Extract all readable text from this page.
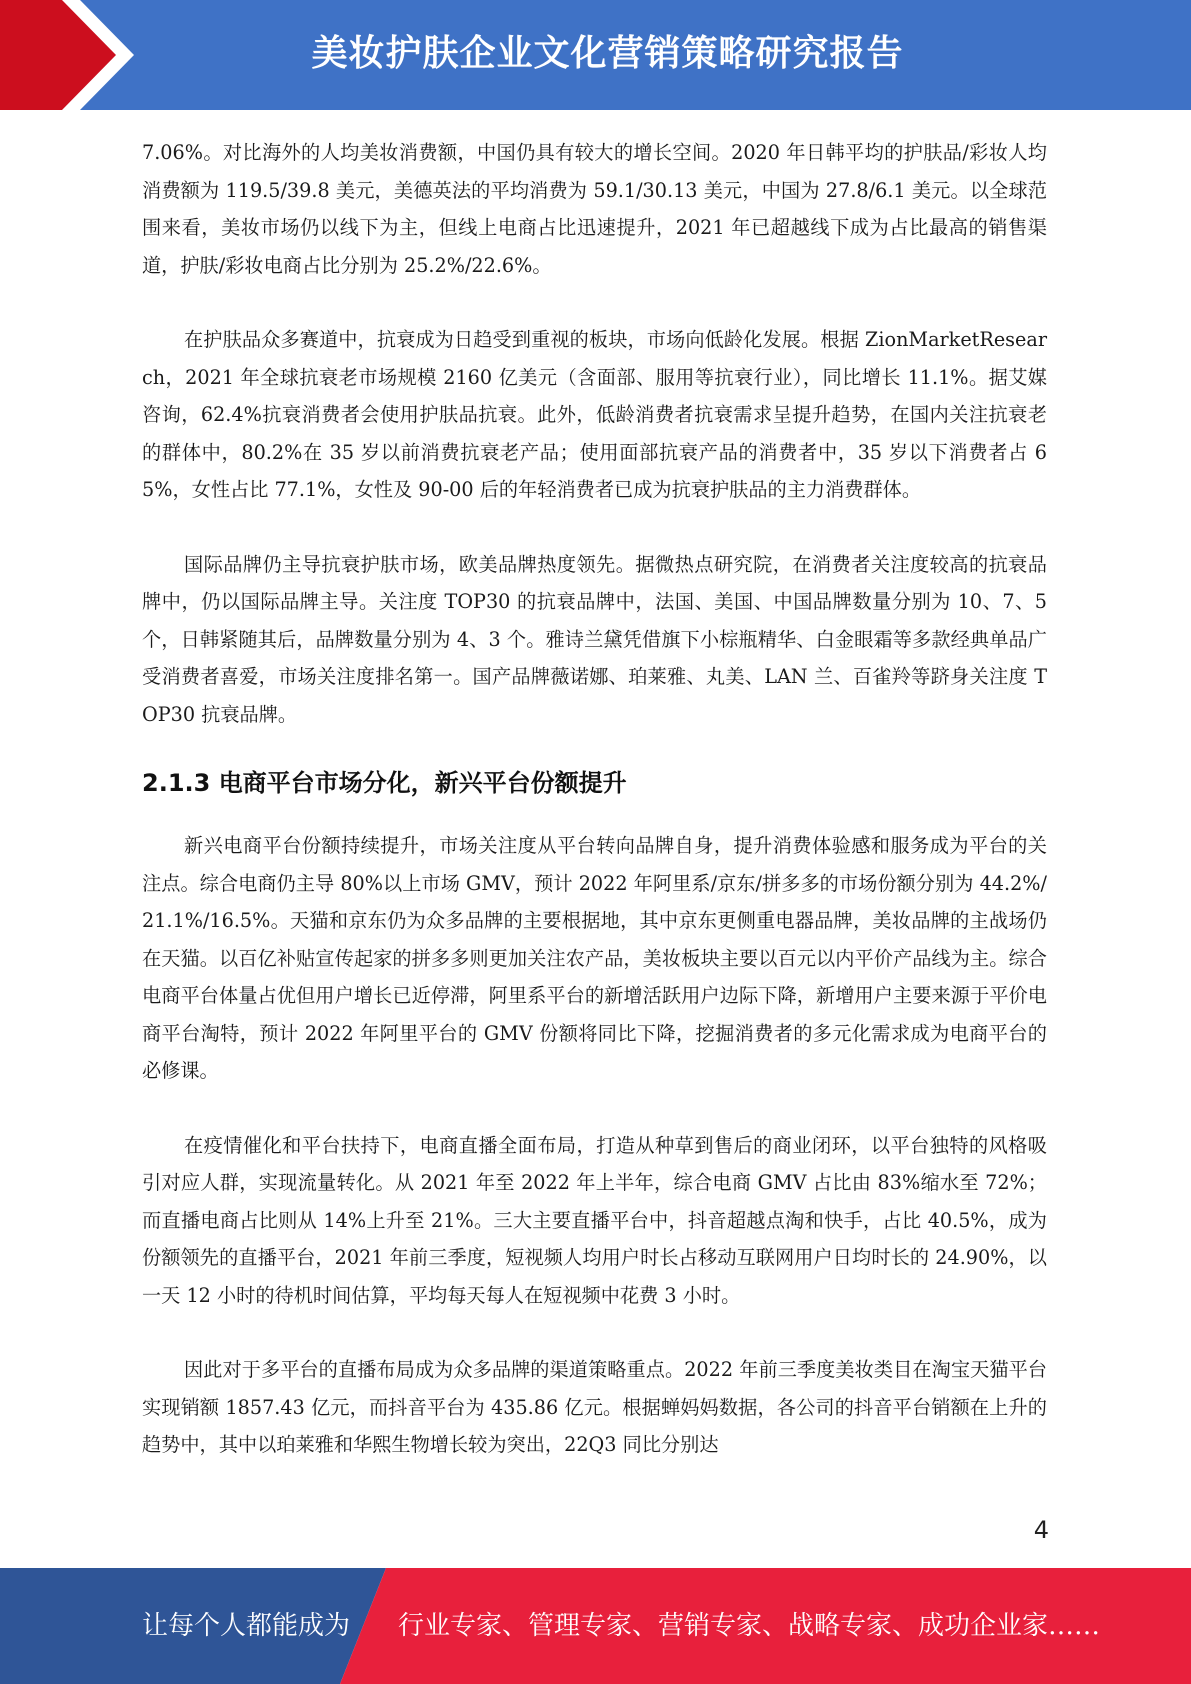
美妆护肤企业文化营销策略研究报告

7.06%。对比海外的人均美妆消费额，中国仍具有较大的增长空间。2020 年日韩平均的护肤品/彩妆人均消费额为 119.5/39.8 美元，美德英法的平均消费为 59.1/30.13 美元，中国为 27.8/6.1 美元。以全球范围来看，美妆市场仍以线下为主，但线上电商占比迅速提升，2021 年已超越线下成为占比最高的销售渠道，护肤/彩妆电商占比分别为 25.2%/22.6%。

在护肤品众多赛道中，抗衰成为日趋受到重视的板块，市场向低龄化发展。根据 ZionMarketResearch，2021 年全球抗衰老市场规模 2160 亿美元（含面部、服用等抗衰行业），同比增长 11.1%。据艾媒咨询，62.4%抗衰消费者会使用护肤品抗衰。此外，低龄消费者抗衰需求呈提升趋势，在国内关注抗衰老的群体中，80.2%在 35 岁以前消费抗衰老产品；使用面部抗衰产品的消费者中，35 岁以下消费者占 65%，女性占比 77.1%，女性及 90-00 后的年轻消费者已成为抗衰护肤品的主力消费群体。

国际品牌仍主导抗衰护肤市场，欧美品牌热度领先。据微热点研究院，在消费者关注度较高的抗衰品牌中，仍以国际品牌主导。关注度 TOP30 的抗衰品牌中，法国、美国、中国品牌数量分别为 10、7、5 个，日韩紧随其后，品牌数量分别为 4、3 个。雅诗兰黛凭借旗下小棕瓶精华、白金眼霜等多款经典单品广受消费者喜爱，市场关注度排名第一。国产品牌薇诺娜、珀莱雅、丸美、LAN 兰、百雀羚等跻身关注度 TOP30 抗衰品牌。

2.1.3 电商平台市场分化，新兴平台份额提升

新兴电商平台份额持续提升，市场关注度从平台转向品牌自身，提升消费体验感和服务成为平台的关注点。综合电商仍主导 80%以上市场 GMV，预计 2022 年阿里系/京东/拼多多的市场份额分别为 44.2%/21.1%/16.5%。天猫和京东仍为众多品牌的主要根据地，其中京东更侧重电器品牌，美妆品牌的主战场仍在天猫。以百亿补贴宣传起家的拼多多则更加关注农产品，美妆板块主要以百元以内平价产品线为主。综合电商平台体量占优但用户增长已近停滞，阿里系平台的新增活跃用户边际下降，新增用户主要来源于平价电商平台淘特，预计 2022 年阿里平台的 GMV 份额将同比下降，挖掘消费者的多元化需求成为电商平台的必修课。

在疫情催化和平台扶持下，电商直播全面布局，打造从种草到售后的商业闭环，以平台独特的风格吸引对应人群，实现流量转化。从 2021 年至 2022 年上半年，综合电商 GMV 占比由 83%缩水至 72%；而直播电商占比则从 14%上升至 21%。三大主要直播平台中，抖音超越点淘和快手，占比 40.5%，成为份额领先的直播平台，2021 年前三季度，短视频人均用户时长占移动互联网用户日均时长的 24.90%，以一天 12 小时的待机时间估算，平均每天每人在短视频中花费 3 小时。

因此对于多平台的直播布局成为众多品牌的渠道策略重点。2022 年前三季度美妆类目在淘宝天猫平台实现销额 1857.43 亿元，而抖音平台为 435.86 亿元。根据蝉妈妈数据，各公司的抖音平台销额在上升的趋势中，其中以珀莱雅和华熙生物增长较为突出，22Q3 同比分别达

4
让每个人都能成为 行业专家、管理专家、营销专家、战略专家、成功企业家……
